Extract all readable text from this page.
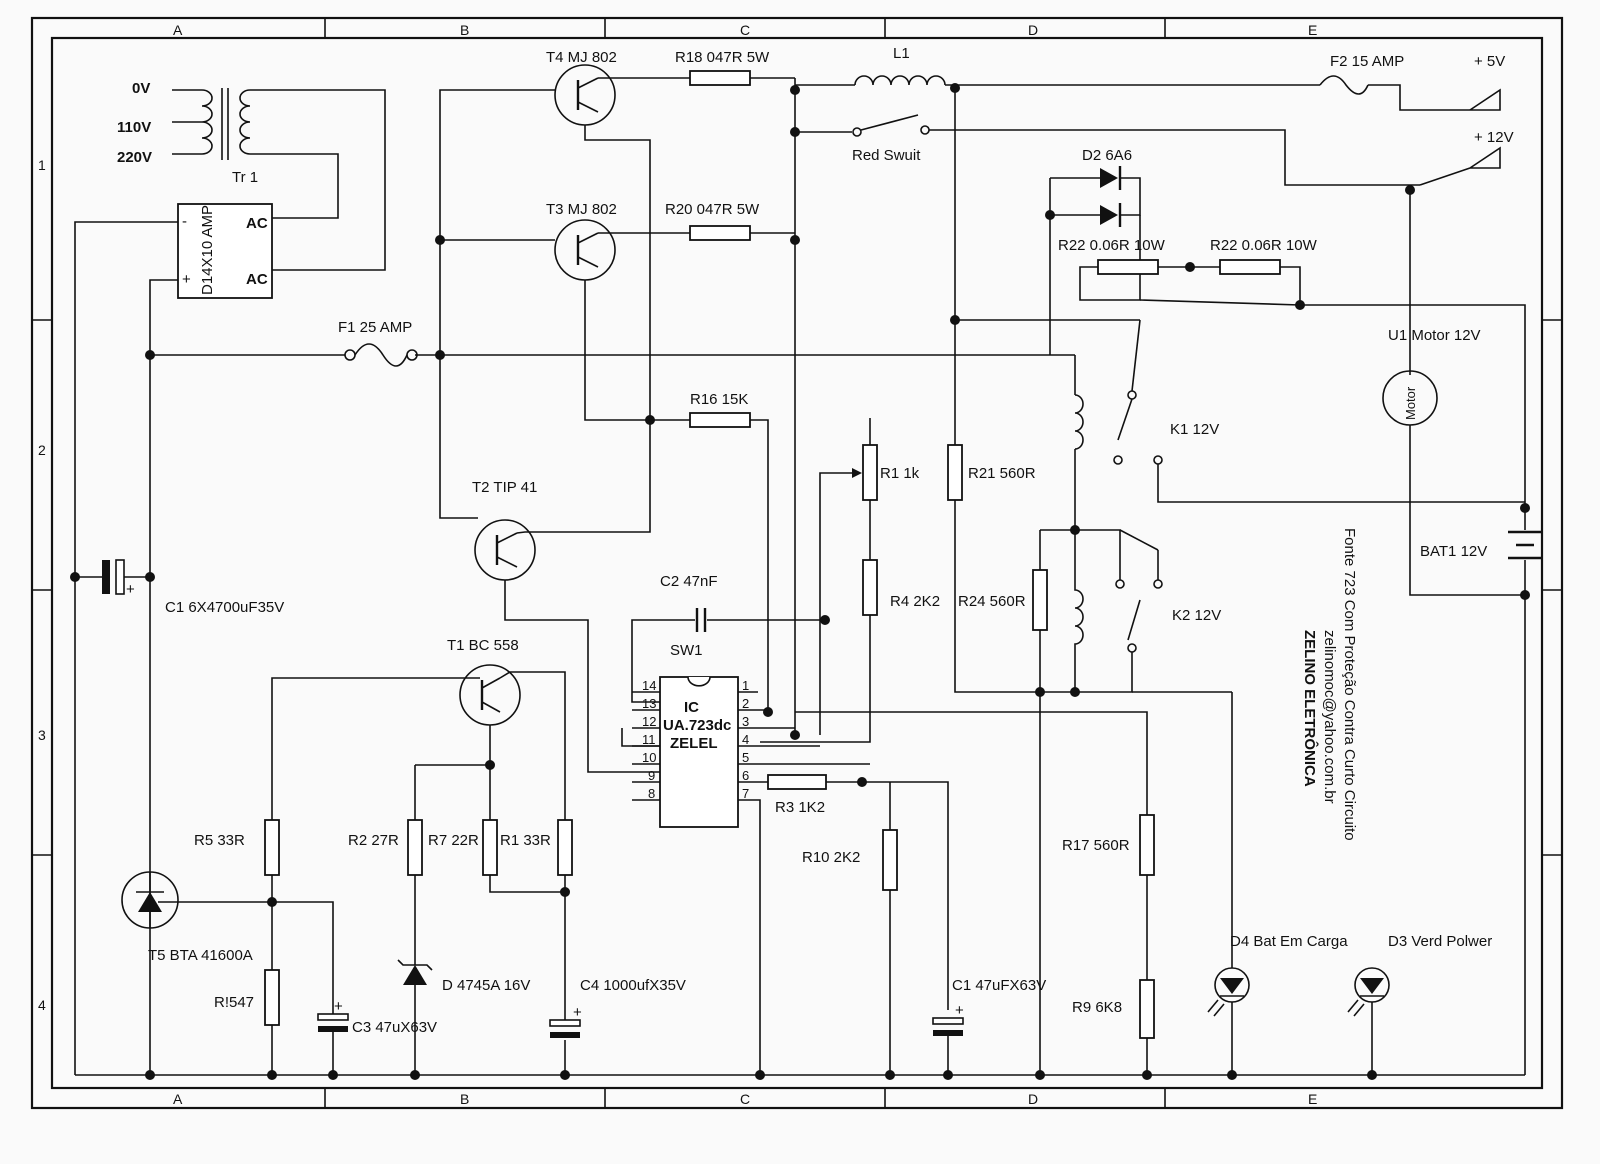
A	B	C	D	E
A	B	C	D	E
1
2
3
4
0V
110V
220V
Tr 1
D14X10 AMP
-
+
AC
AC
F1 25 AMP
+
C1 6X4700uF35V
T5 BTA 41600A
R5 33R
R!547	+
C3 47uX63V
T1 BC 558
R2 27R R7 22R R1 33R
D 4745A 16V
+
C4 1000ufX35V
T4 MJ 802
T3 MJ 802
R18 047R 5W
R20 047R 5W
R16 15K
T2 TIP 41
L1
Red Swuit
F2 15 AMP	+ 5V
+ 12V
D2 6A6
R22 0.06R 10W	R22 0.06R 10W
Motor
U1 Motor 12V
BAT1 12V
K1 12V
K2 12V
R21 560R
R24 560R
R1 1k
R4 2K2
C2 47nF
SW1
IC
UA.723dc
ZELEL
14
13
12
11
10
9
8
1
2
3
4
5
6
7
R3 1K2
R10 2K2
+
C1 47uFX63V
R17 560R
R9 6K8
D4 Bat Em Carga	D3 Verd Polwer
Fonte 723 Com Proteção Contra Curto Circuito
zelinomoc@yahoo.com.br
ZELINO ELETRÔNICA
